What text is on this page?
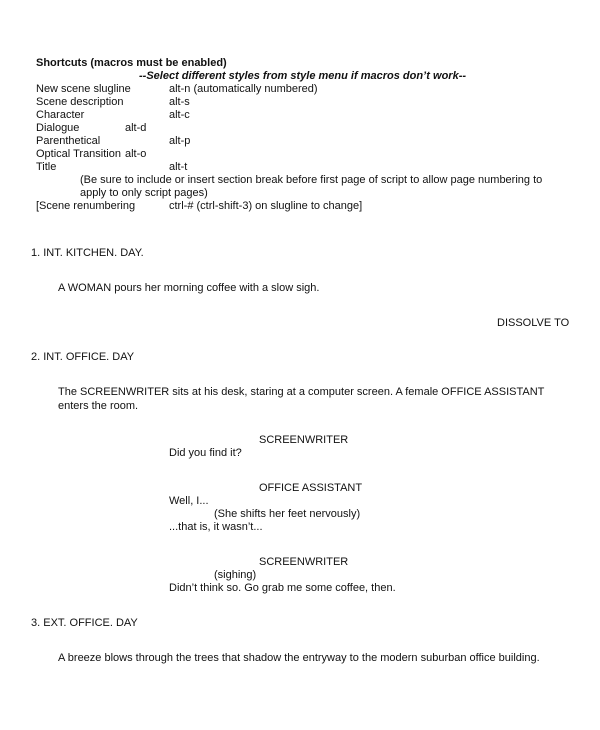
Shortcuts (macros must be enabled)
--Select different styles from style menu if macros don’t work--
New scene slugline	alt-n (automatically numbered)
Scene description	alt-s
Character	alt-c
Dialogue	alt-d
Parenthetical	alt-p
Optical Transition alt-o
Title	alt-t
(Be sure to include or insert section break before first page of script to allow page numbering to
apply to only script pages)
[Scene renumbering	ctrl-# (ctrl-shift-3) on slugline to change]
1. INT. KITCHEN. DAY.
A WOMAN pours her morning coffee with a slow sigh.
DISSOLVE TO
2. INT. OFFICE. DAY
The SCREENWRITER sits at his desk, staring at a computer screen. A female OFFICE ASSISTANT
enters the room.
SCREENWRITER
Did you find it?
OFFICE ASSISTANT
Well, I...
(She shifts her feet nervously)
...that is, it wasn’t...
SCREENWRITER
(sighing)
Didn’t think so. Go grab me some coffee, then.
3. EXT. OFFICE. DAY
A breeze blows through the trees that shadow the entryway to the modern suburban office building.
